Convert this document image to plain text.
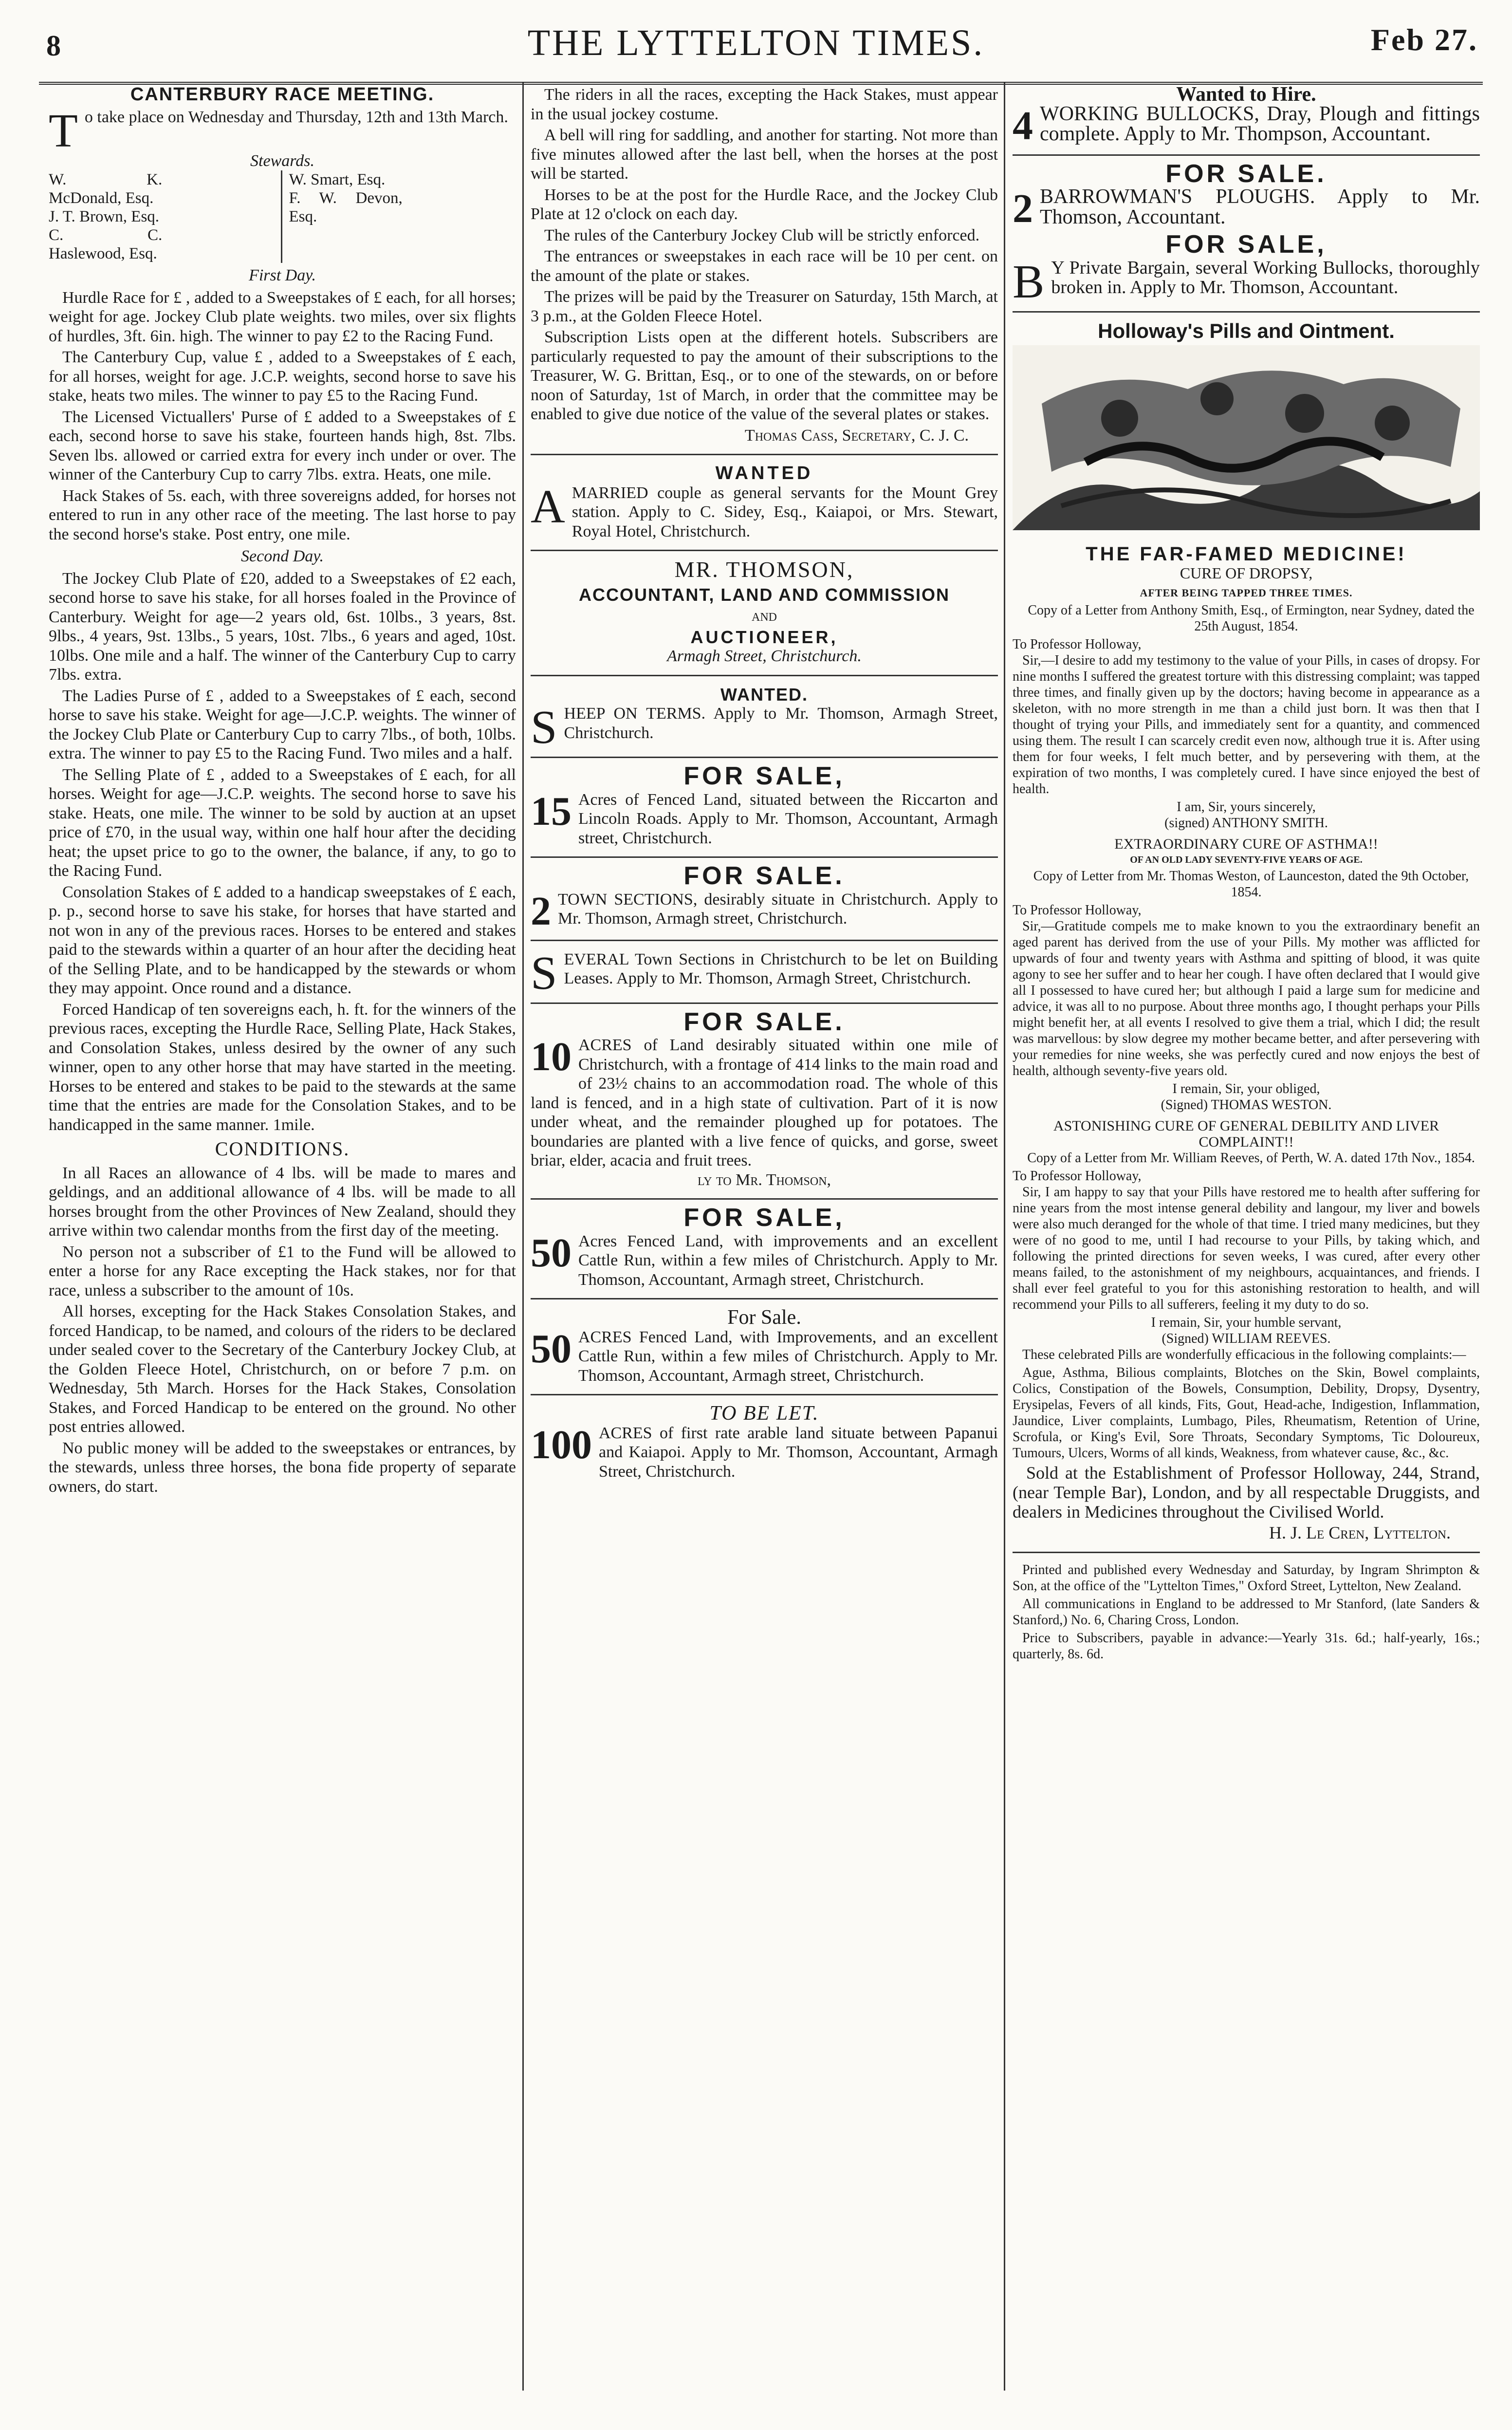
8	THE LYTTELTON TIMES.	Feb 27.
CANTERBURY RACE MEETING.
T o take place on Wednesday and Thursday, 12th and 13th March.
Stewards.
W. K. McDonald, Esq.
J. T. Brown, Esq.
C. C. Haslewood, Esq.
W. Smart, Esq.
F. W. Devon, Esq.
First Day.

Hurdle Race for £ , added to a Sweepstakes of £ each, for all horses; weight for age. Jockey Club plate weights. two miles, over six flights of hurdles, 3ft. 6in. high. The winner to pay £2 to the Racing Fund.

The Canterbury Cup, value £ , added to a Sweepstakes of £ each, for all horses, weight for age. J.C.P. weights, second horse to save his stake, heats two miles. The winner to pay £5 to the Racing Fund.

The Licensed Victuallers' Purse of £ added to a Sweepstakes of £ each, second horse to save his stake, fourteen hands high, 8st. 7lbs. Seven lbs. allowed or carried extra for every inch under or over. The winner of the Canterbury Cup to carry 7lbs. extra. Heats, one mile.

Hack Stakes of 5s. each, with three sovereigns added, for horses not entered to run in any other race of the meeting. The last horse to pay the second horse's stake. Post entry, one mile.

Second Day.

The Jockey Club Plate of £20, added to a Sweepstakes of £2 each, second horse to save his stake, for all horses foaled in the Province of Canterbury. Weight for age—2 years old, 6st. 10lbs., 3 years, 8st. 9lbs., 4 years, 9st. 13lbs., 5 years, 10st. 7lbs., 6 years and aged, 10st. 10lbs. One mile and a half. The winner of the Canterbury Cup to carry 7lbs. extra.

The Ladies Purse of £ , added to a Sweepstakes of £ each, second horse to save his stake. Weight for age—J.C.P. weights. The winner of the Jockey Club Plate or Canterbury Cup to carry 7lbs., of both, 10lbs. extra. The winner to pay £5 to the Racing Fund. Two miles and a half.

The Selling Plate of £ , added to a Sweepstakes of £ each, for all horses. Weight for age—J.C.P. weights. The second horse to save his stake. Heats, one mile. The winner to be sold by auction at an upset price of £70, in the usual way, within one half hour after the deciding heat; the upset price to go to the owner, the balance, if any, to go to the Racing Fund.

Consolation Stakes of £ added to a handicap sweepstakes of £ each, p. p., second horse to save his stake, for horses that have started and not won in any of the previous races. Horses to be entered and stakes paid to the stewards within a quarter of an hour after the deciding heat of the Selling Plate, and to be handicapped by the stewards or whom they may appoint. Once round and a distance.

Forced Handicap of ten sovereigns each, h. ft. for the winners of the previous races, excepting the Hurdle Race, Selling Plate, Hack Stakes, and Consolation Stakes, unless desired by the owner of any such winner, open to any other horse that may have started in the meeting. Horses to be entered and stakes to be paid to the stewards at the same time that the entries are made for the Consolation Stakes, and to be handicapped in the same manner. 1mile.

CONDITIONS.

In all Races an allowance of 4 lbs. will be made to mares and geldings, and an additional allowance of 4 lbs. will be made to all horses brought from the other Provinces of New Zealand, should they arrive within two calendar months from the first day of the meeting.

No person not a subscriber of £1 to the Fund will be allowed to enter a horse for any Race excepting the Hack stakes, nor for that race, unless a subscriber to the amount of 10s.

All horses, excepting for the Hack Stakes Consolation Stakes, and forced Handicap, to be named, and colours of the riders to be declared under sealed cover to the Secretary of the Canterbury Jockey Club, at the Golden Fleece Hotel, Christchurch, on or before 7 p.m. on Wednesday, 5th March. Horses for the Hack Stakes, Consolation Stakes, and Forced Handicap to be entered on the ground. No other post entries allowed.

No public money will be added to the sweepstakes or entrances, by the stewards, unless three horses, the bona fide property of separate owners, do start.

The riders in all the races, excepting the Hack Stakes, must appear in the usual jockey costume.

A bell will ring for saddling, and another for starting. Not more than five minutes allowed after the last bell, when the horses at the post will be started.

Horses to be at the post for the Hurdle Race, and the Jockey Club Plate at 12 o'clock on each day.

The rules of the Canterbury Jockey Club will be strictly enforced.

The entrances or sweepstakes in each race will be 10 per cent. on the amount of the plate or stakes.

The prizes will be paid by the Treasurer on Saturday, 15th March, at 3 p.m., at the Golden Fleece Hotel.

Subscription Lists open at the different hotels. Subscribers are particularly requested to pay the amount of their subscriptions to the Treasurer, W. G. Brittan, Esq., or to one of the stewards, on or before noon of Saturday, 1st of March, in order that the committee may be enabled to give due notice of the value of the several plates or stakes.

Thomas Cass, Secretary, C. J. C.
WANTED
A MARRIED couple as general servants for the Mount Grey station. Apply to C. Sidey, Esq., Kaiapoi, or Mrs. Stewart, Royal Hotel, Christchurch.
MR. THOMSON,
ACCOUNTANT, LAND AND COMMISSION
AND
AUCTIONEER,
Armagh Street, Christchurch.
WANTED.
S HEEP ON TERMS. Apply to Mr. Thomson, Armagh Street, Christchurch.
FOR SALE,
15 Acres of Fenced Land, situated between the Riccarton and Lincoln Roads. Apply to Mr. Thomson, Accountant, Armagh street, Christchurch.
FOR SALE.
2 TOWN SECTIONS, desirably situate in Christchurch. Apply to Mr. Thomson, Armagh street, Christchurch.
S EVERAL Town Sections in Christchurch to be let on Building Leases. Apply to Mr. Thomson, Armagh Street, Christchurch.
FOR SALE.
10 ACRES of Land desirably situated within one mile of Christchurch, with a frontage of 414 links to the main road and of 23½ chains to an accommodation road. The whole of this land is fenced, and in a high state of cultivation. Part of it is now under wheat, and the remainder ploughed up for potatoes. The boundaries are planted with a live fence of quicks, and gorse, sweet briar, elder, acacia and fruit trees.
ly to Mr. Thomson,
FOR SALE,
50 Acres Fenced Land, with improvements and an excellent Cattle Run, within a few miles of Christchurch. Apply to Mr. Thomson, Accountant, Armagh street, Christchurch.
For Sale.
50 ACRES Fenced Land, with Improvements, and an excellent Cattle Run, within a few miles of Christchurch. Apply to Mr. Thomson, Accountant, Armagh street, Christchurch.
TO BE LET.
100 ACRES of first rate arable land situate between Papanui and Kaiapoi. Apply to Mr. Thomson, Accountant, Armagh Street, Christchurch.
Wanted to Hire.
4 WORKING BULLOCKS, Dray, Plough and fittings complete. Apply to Mr. Thompson, Accountant.
FOR SALE.
2 BARROWMAN'S PLOUGHS. Apply to Mr. Thomson, Accountant.
FOR SALE,
B Y Private Bargain, several Working Bullocks, thoroughly broken in. Apply to Mr. Thomson, Accountant.
Holloway's Pills and Ointment.
THE FAR-FAMED MEDICINE!
CURE OF DROPSY,
AFTER BEING TAPPED THREE TIMES.

Copy of a Letter from Anthony Smith, Esq., of Ermington, near Sydney, dated the 25th August, 1854.

To Professor Holloway,

Sir,—I desire to add my testimony to the value of your Pills, in cases of dropsy. For nine months I suffered the greatest torture with this distressing complaint; was tapped three times, and finally given up by the doctors; having become in appearance as a skeleton, with no more strength in me than a child just born. It was then that I thought of trying your Pills, and immediately sent for a quantity, and commenced using them. The result I can scarcely credit even now, although true it is. After using them for four weeks, I felt much better, and by persevering with them, at the expiration of two months, I was completely cured. I have since enjoyed the best of health.

I am, Sir, yours sincerely,
(signed) ANTHONY SMITH.
EXTRAORDINARY CURE OF ASTHMA!!
OF AN OLD LADY SEVENTY-FIVE YEARS OF AGE.

Copy of Letter from Mr. Thomas Weston, of Launceston, dated the 9th October, 1854.

To Professor Holloway,

Sir,—Gratitude compels me to make known to you the extraordinary benefit an aged parent has derived from the use of your Pills. My mother was afflicted for upwards of four and twenty years with Asthma and spitting of blood, it was quite agony to see her suffer and to hear her cough. I have often declared that I would give all I possessed to have cured her; but although I paid a large sum for medicine and advice, it was all to no purpose. About three months ago, I thought perhaps your Pills might benefit her, at all events I resolved to give them a trial, which I did; the result was marvellous: by slow degree my mother became better, and after persevering with your remedies for nine weeks, she was perfectly cured and now enjoys the best of health, although seventy-five years old.

I remain, Sir, your obliged,
(Signed) THOMAS WESTON.
ASTONISHING CURE OF GENERAL DEBILITY AND LIVER COMPLAINT!!

Copy of a Letter from Mr. William Reeves, of Perth, W. A. dated 17th Nov., 1854.

To Professor Holloway,

Sir, I am happy to say that your Pills have restored me to health after suffering for nine years from the most intense general debility and langour, my liver and bowels were also much deranged for the whole of that time. I tried many medicines, but they were of no good to me, until I had recourse to your Pills, by taking which, and following the printed directions for seven weeks, I was cured, after every other means failed, to the astonishment of my neighbours, acquaintances, and friends. I shall ever feel grateful to you for this astonishing restoration to health, and will recommend your Pills to all sufferers, feeling it my duty to do so.

I remain, Sir, your humble servant,
(Signed) WILLIAM REEVES.

These celebrated Pills are wonderfully efficacious in the following complaints:—

Ague, Asthma, Bilious complaints, Blotches on the Skin, Bowel complaints, Colics, Constipation of the Bowels, Consumption, Debility, Dropsy, Dysentry, Erysipelas, Fevers of all kinds, Fits, Gout, Head-ache, Indigestion, Inflammation, Jaundice, Liver complaints, Lumbago, Piles, Rheumatism, Retention of Urine, Scrofula, or King's Evil, Sore Throats, Secondary Symptoms, Tic Doloureux, Tumours, Ulcers, Worms of all kinds, Weakness, from whatever cause, &c., &c.

Sold at the Establishment of Professor Holloway, 244, Strand, (near Temple Bar), London, and by all respectable Druggists, and dealers in Medicines throughout the Civilised World.

H. J. Le Cren, Lyttelton.

Printed and published every Wednesday and Saturday, by Ingram Shrimpton & Son, at the office of the "Lyttelton Times," Oxford Street, Lyttelton, New Zealand.

All communications in England to be addressed to Mr Stanford, (late Sanders & Stanford,) No. 6, Charing Cross, London.

Price to Subscribers, payable in advance:—Yearly 31s. 6d.; half-yearly, 16s.; quarterly, 8s. 6d.
